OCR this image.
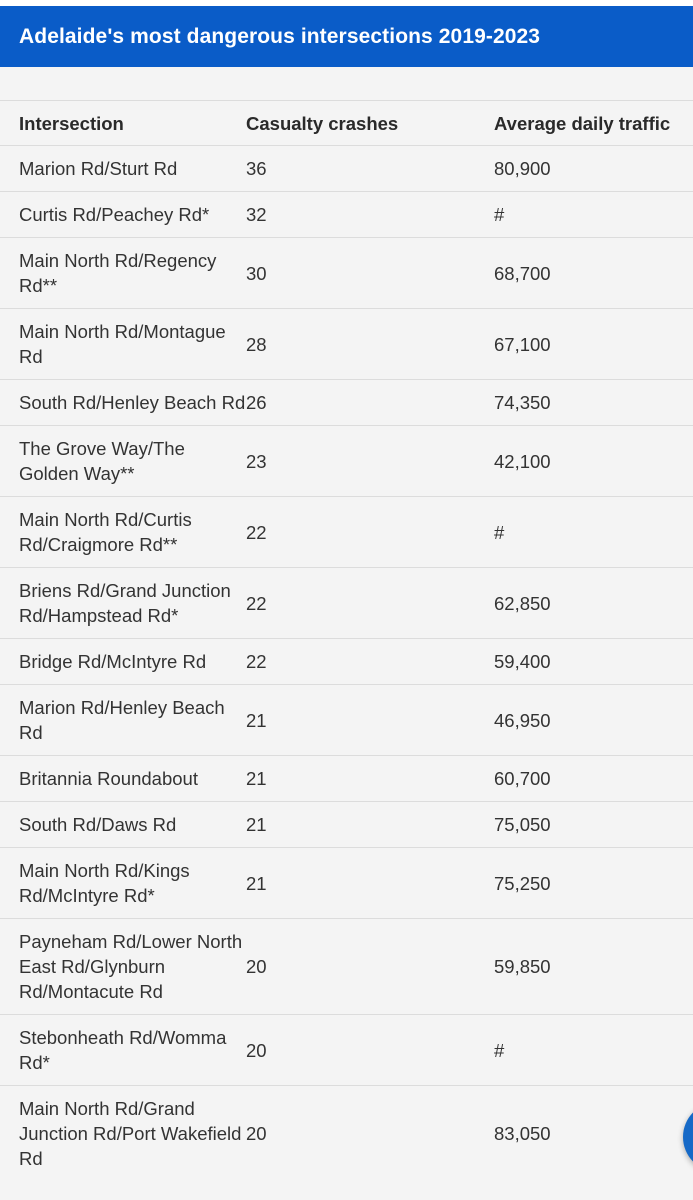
Adelaide's most dangerous intersections 2019-2023
Intersection	Casualty crashes	Average daily traffic
Marion Rd/Sturt Rd	36	80,900
Curtis Rd/Peachey Rd*	32	#
Main North Rd/Regency Rd**	30	68,700
Main North Rd/Montague Rd	28	67,100
South Rd/Henley Beach Rd	26	74,350
The Grove Way/The Golden Way**	23	42,100
Main North Rd/Curtis Rd/Craigmore Rd**	22	#
Briens Rd/Grand Junction Rd/Hampstead Rd*	22	62,850
Bridge Rd/McIntyre Rd	22	59,400
Marion Rd/Henley Beach Rd	21	46,950
Britannia Roundabout	21	60,700
South Rd/Daws Rd	21	75,050
Main North Rd/Kings Rd/McIntyre Rd*	21	75,250
Payneham Rd/Lower North East Rd/Glynburn Rd/Montacute Rd	20	59,850
Stebonheath Rd/Womma Rd*	20	#
Main North Rd/Grand Junction Rd/Port Wakefield Rd	20	83,050
